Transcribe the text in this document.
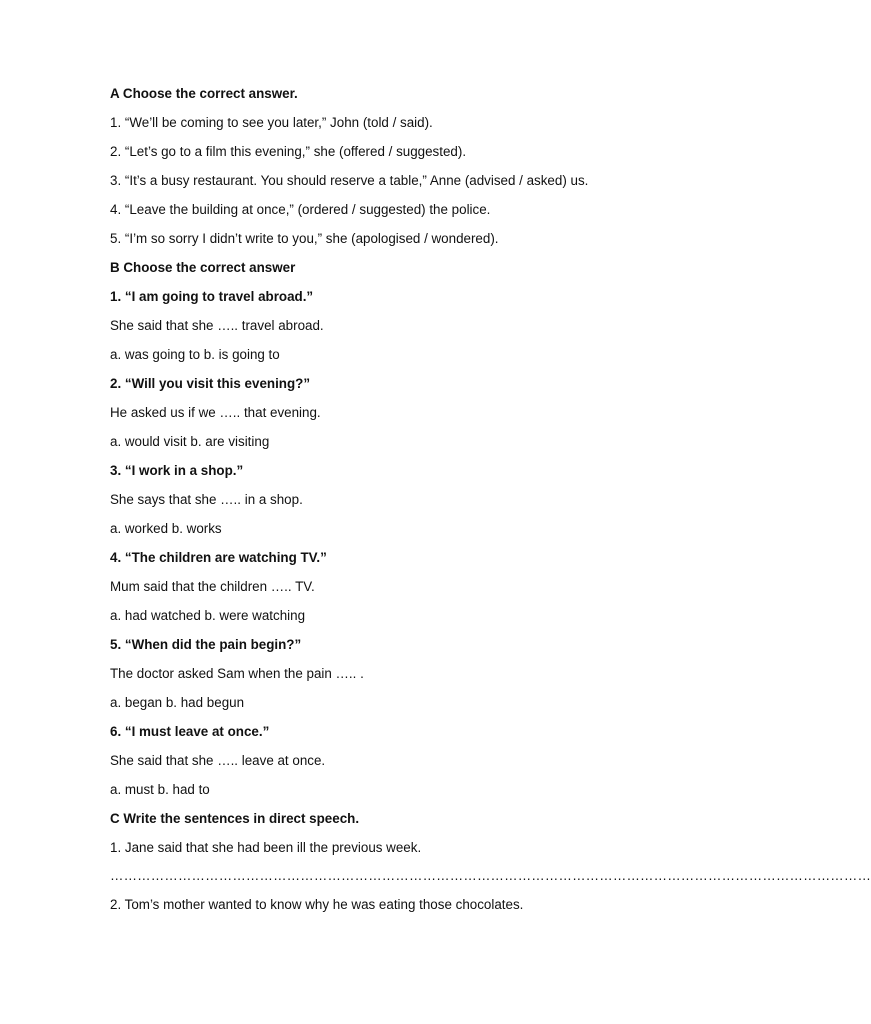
A Choose the correct answer.
1. “We’ll be coming to see you later,” John (told / said).
2. “Let’s go to a film this evening,” she (offered / suggested).
3. “It’s a busy restaurant. You should reserve a table,” Anne (advised / asked) us.
4. “Leave the building at once,” (ordered / suggested) the police.
5. “I’m so sorry I didn’t write to you,” she (apologised / wondered).
B Choose the correct answer
1. “I am going to travel abroad.”
She said that she ….. travel abroad.
a. was going to b. is going to
2. “Will you visit this evening?”
He asked us if we ….. that evening.
a. would visit b. are visiting
3. “I work in a shop.”
She says that she ….. in a shop.
a. worked b. works
4. “The children are watching TV.”
Mum said that the children ….. TV.
a. had watched b. were watching
5. “When did the pain begin?”
The doctor asked Sam when the pain ….. .
a. began b. had begun
6. “I must leave at once.”
She said that she ….. leave at once.
a. must b. had to
C Write the sentences in direct speech.
1. Jane said that she had been ill the previous week.
……………………………………………………………………………………………………………………………………………………
2. Tom’s mother wanted to know why he was eating those chocolates.
